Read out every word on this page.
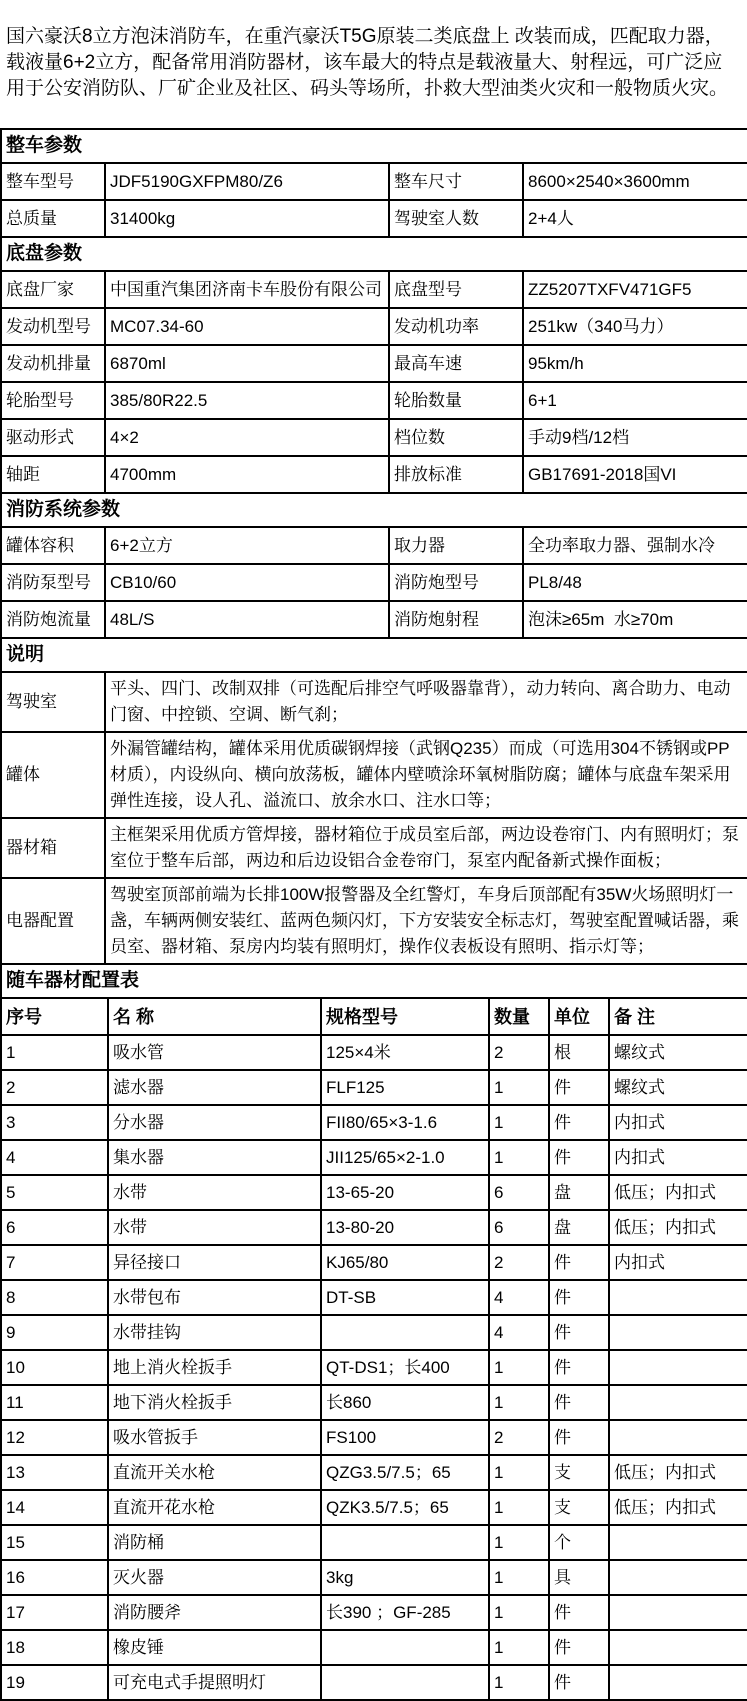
国六豪沃8立方泡沫消防车，在重汽豪沃T5G原装二类底盘上 改装而成，匹配取力器，载液量6+2立方，配备常用消防器材，该车最大的特点是载液量大、射程远，可广泛应用于公安消防队、厂矿企业及社区、码头等场所，扑救大型油类火灾和一般物质火灾。

整车参数			
整车型号	JDF5190GXFPM80/Z6	整车尺寸	8600×2540×3600mm
总质量	31400kg	驾驶室人数	2+4人
底盘参数			
底盘厂家	中国重汽集团济南卡车股份有限公司	底盘型号	ZZ5207TXFV471GF5
发动机型号	MC07.34-60	发动机功率	251kw（340马力）
发动机排量	6870ml	最高车速	95km/h
轮胎型号	385/80R22.5	轮胎数量	6+1
驱动形式	4×2	档位数	手动9档/12档
轴距	4700mm	排放标准	GB17691-2018国VI
消防系统参数			
罐体容积	6+2立方	取力器	全功率取力器、强制水冷
消防泵型号	CB10/60	消防炮型号	PL8/48
消防炮流量	48L/S	消防炮射程	泡沫≥65m  水≥70m
说明	
驾驶室	平头、四门、改制双排（可选配后排空气呼吸器靠背），动力转向、离合助力、电动门窗、中控锁、空调、断气刹；
罐体	外漏管罐结构，罐体采用优质碳钢焊接（武钢Q235）而成（可选用304不锈钢或PP材质），内设纵向、横向放荡板，罐体内壁喷涂环氧树脂防腐；罐体与底盘车架采用弹性连接，设人孔、溢流口、放余水口、注水口等；
器材箱	主框架采用优质方管焊接，器材箱位于成员室后部，两边设卷帘门、内有照明灯；泵室位于整车后部，两边和后边设铝合金卷帘门，泵室内配备新式操作面板；
电器配置	驾驶室顶部前端为长排100W报警器及全红警灯，车身后顶部配有35W火场照明灯一盏，车辆两侧安装红、蓝两色频闪灯，下方安装安全标志灯，驾驶室配置喊话器，乘员室、器材箱、泵房内均装有照明灯，操作仪表板设有照明、指示灯等；
随车器材配置表					
序号	名 称	规格型号	数量	单位	备 注
1	吸水管	125×4米	2	根	螺纹式
2	滤水器	FLF125	1	件	螺纹式
3	分水器	FII80/65×3-1.6	1	件	内扣式
4	集水器	JII125/65×2-1.0	1	件	内扣式
5	水带	13-65-20	6	盘	低压；内扣式
6	水带	13-80-20	6	盘	低压；内扣式
7	异径接口	KJ65/80	2	件	内扣式
8	水带包布	DT-SB	4	件	
9	水带挂钩		4	件	
10	地上消火栓扳手	QT-DS1；长400	1	件	
11	地下消火栓扳手	长860	1	件	
12	吸水管扳手	FS100	2	件	
13	直流开关水枪	QZG3.5/7.5；65	1	支	低压；内扣式
14	直流开花水枪	QZK3.5/7.5；65	1	支	低压；内扣式
15	消防桶		1	个	
16	灭火器	3kg	1	具	
17	消防腰斧	长390 ；GF-285	1	件	
18	橡皮锤		1	件	
19	可充电式手提照明灯		1	件	
